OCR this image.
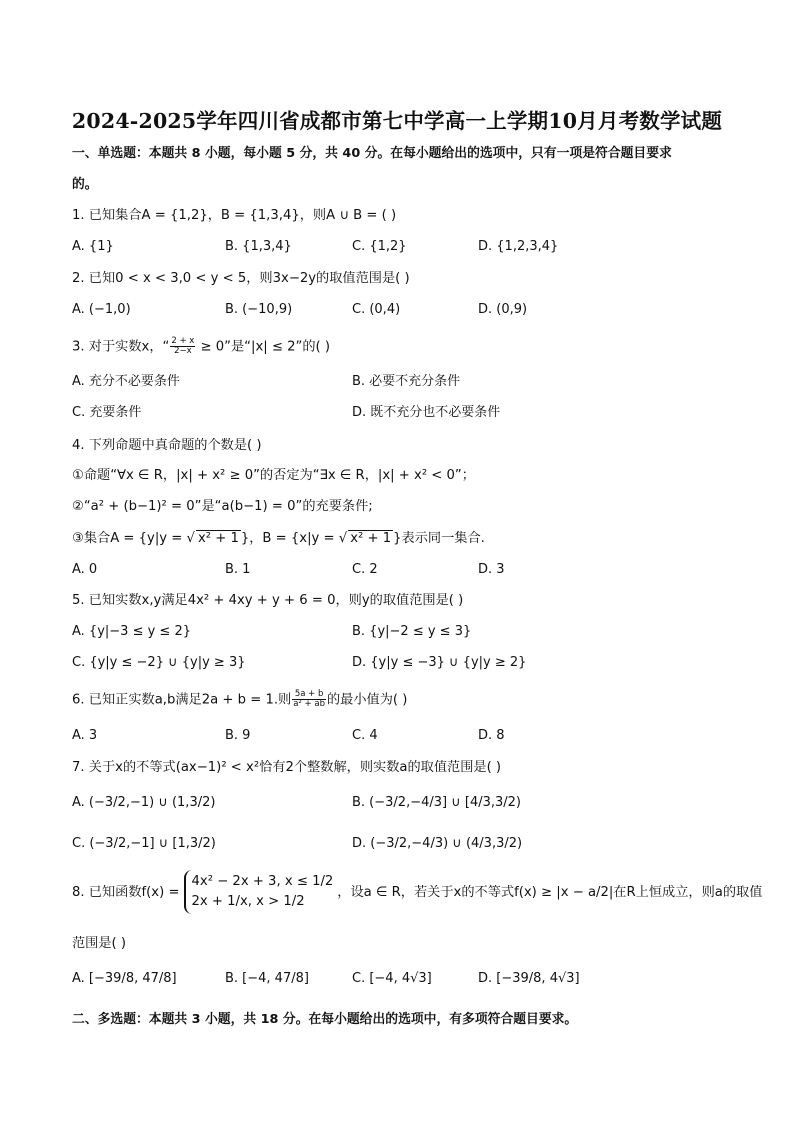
2024-2025学年四川省成都市第七中学高一上学期10月月考数学试题
一、单选题：本题共 8 小题，每小题 5 分，共 40 分。在每小题给出的选项中，只有一项是符合题目要求
的。
1. 已知集合A = {1,2}，B = {1,3,4}，则A ∪ B = ( )
A. {1}	B. {1,3,4}	C. {1,2}	D. {1,2,3,4}
2. 已知0 < x < 3,0 < y < 5，则3x−2y的取值范围是( )
A. (−1,0)	B. (−10,9)	C. (0,4)	D. (0,9)
3. 对于实数x，“ $\frac{2 + x}{2-x} \ge 0$”是“|x| ≤ 2”的( )
A. 充分不必要条件	B. 必要不充分条件
C. 充要条件	D. 既不充分也不必要条件
4. 下列命题中真命题的个数是( )
①命题“∀x ∈ R，|x| + x² ≥ 0”的否定为“∃x ∈ R，|x| + x² < 0”；
②“a² + (b−1)² = 0”是“a(b−1) = 0”的充要条件;
③集合A = {y|y = √ x² + 1 }，B = {x|y = √ x² + 1 }表示同一集合.
A. 0	B. 1	C. 2	D. 3
5. 已知实数x,y满足4x² + 4xy + y + 6 = 0，则y的取值范围是( )
A. {y|−3 ≤ y ≤ 2}	B. {y|−2 ≤ y ≤ 3}
C. {y|y ≤ −2} ∪ {y|y ≥ 3}	D. {y|y ≤ −3} ∪ {y|y ≥ 2}
6. 已知正实数a,b满足2a + b = 1.则 $\frac{5a + b}{\text{a² + ab}}$ 的最小值为( )
A. 3	B. 9	C. 4	D. 8
7. 关于x的不等式(ax−1)² < x²恰有2个整数解，则实数a的取值范围是( )
A. (−3/2,−1) ∪ (1,3/2)	B. (−3/2,−4/3] ∪ [4/3,3/2)
C. (−3/2,−1] ∪ [1,3/2)	D. (−3/2,−4/3) ∪ (4/3,3/2)
8. 已知函数f(x) =
4x² − 2x + 3, x ≤ 1/2
2x + 1/x, x > 1/2
，设a ∈ R，若关于x的不等式f(x) ≥ |x − a/2|在R上恒成立，则a的取值
范围是( )
A. [−39/8, 47/8]	B. [−4, 47/8]	C. [−4, 4√3]	D. [−39/8, 4√3]
二、多选题：本题共 3 小题，共 18 分。在每小题给出的选项中，有多项符合题目要求。
